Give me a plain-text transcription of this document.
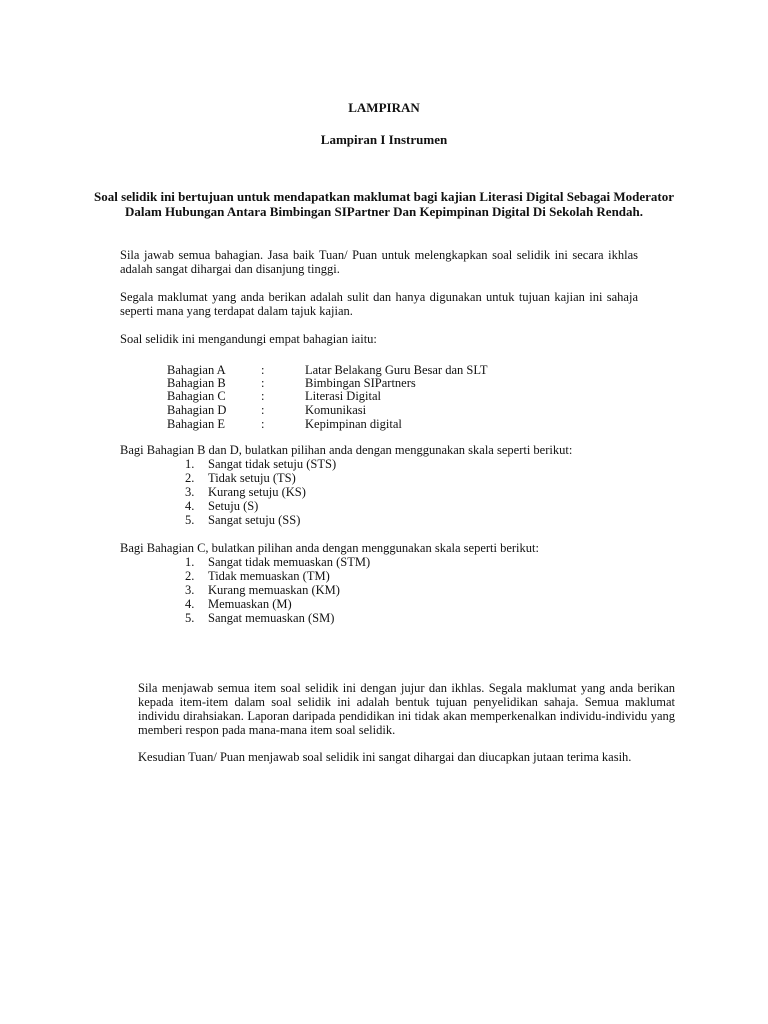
LAMPIRAN
Lampiran I Instrumen
Soal selidik ini bertujuan untuk mendapatkan maklumat bagi kajian Literasi Digital Sebagai Moderator Dalam Hubungan Antara Bimbingan SIPartner Dan Kepimpinan Digital Di Sekolah Rendah.
Sila jawab semua bahagian. Jasa baik Tuan/ Puan untuk melengkapkan soal selidik ini secara ikhlas adalah sangat dihargai dan disanjung tinggi.
Segala maklumat yang anda berikan adalah sulit dan hanya digunakan untuk tujuan kajian ini sahaja seperti mana yang terdapat dalam tajuk kajian.
Soal selidik ini mengandungi empat bahagian iaitu:
Bahagian A	:	Latar Belakang Guru Besar dan SLT
Bahagian B	:	Bimbingan SIPartners
Bahagian C	:	Literasi Digital
Bahagian D	:	Komunikasi
Bahagian E	:	Kepimpinan digital
Bagi Bahagian B dan D, bulatkan pilihan anda dengan menggunakan skala seperti berikut:
1. Sangat tidak setuju (STS)
2. Tidak setuju (TS)
3. Kurang setuju (KS)
4. Setuju (S)
5. Sangat setuju (SS)
Bagi Bahagian C, bulatkan pilihan anda dengan menggunakan skala seperti berikut:
1. Sangat tidak memuaskan (STM)
2. Tidak memuaskan (TM)
3. Kurang memuaskan (KM)
4. Memuaskan (M)
5. Sangat memuaskan (SM)
Sila menjawab semua item soal selidik ini dengan jujur dan ikhlas. Segala maklumat yang anda berikan kepada item-item dalam soal selidik ini adalah bentuk tujuan penyelidikan sahaja. Semua maklumat individu dirahsiakan. Laporan daripada pendidikan ini tidak akan memperkenalkan individu-individu yang memberi respon pada mana-mana item soal selidik.
Kesudian Tuan/ Puan menjawab soal selidik ini sangat dihargai dan diucapkan jutaan terima kasih.
